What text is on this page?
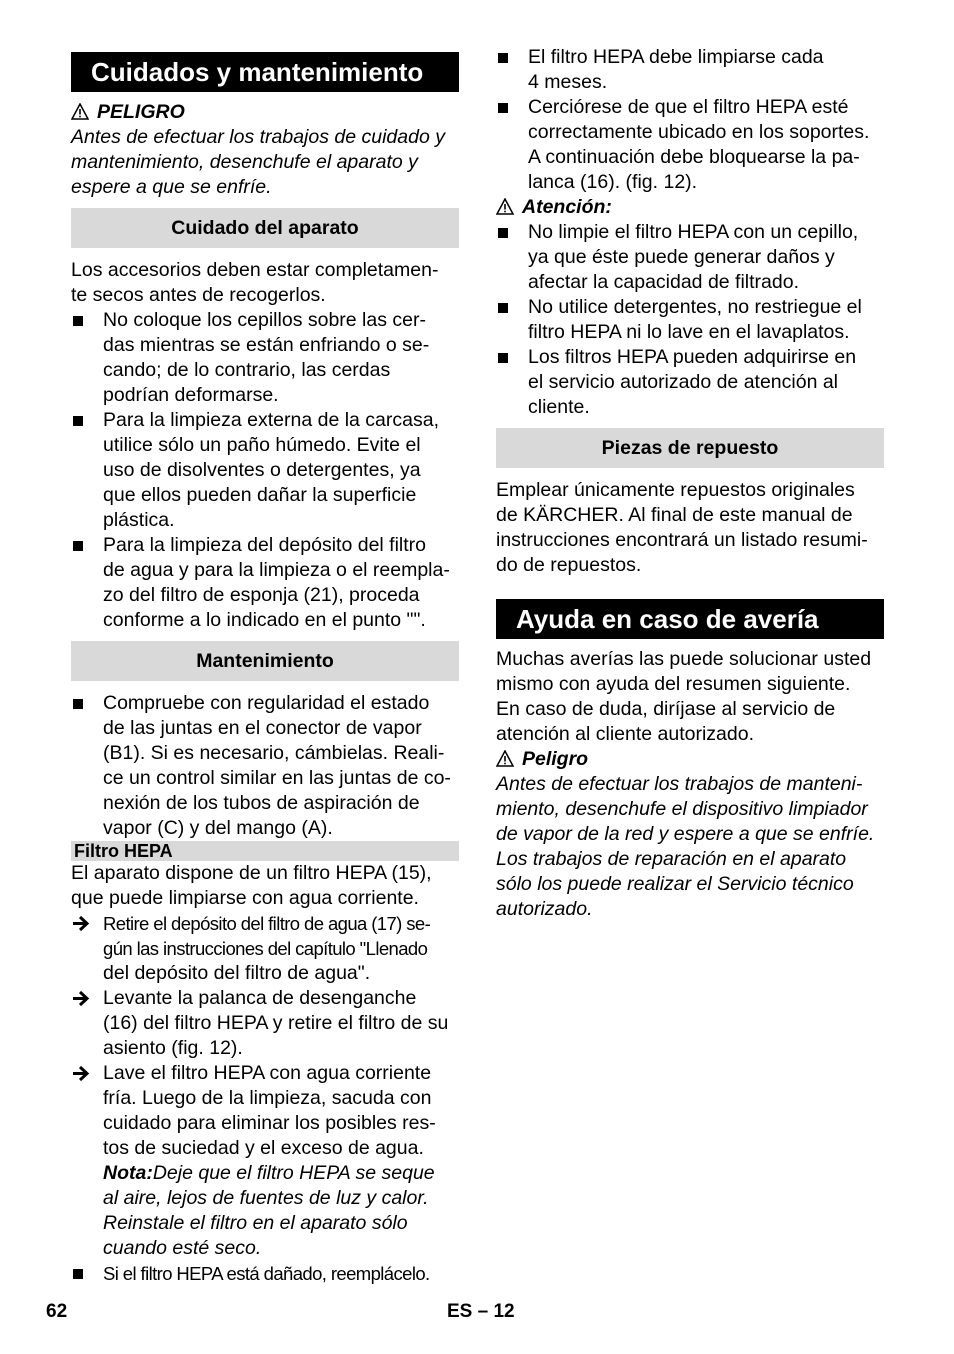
Cuidados y mantenimiento
PELIGRO
Antes de efectuar los trabajos de cuidado y
mantenimiento, desenchufe el aparato y
espere a que se enfríe.
Cuidado del aparato
Los accesorios deben estar completamen-
te secos antes de recogerlos.
No coloque los cepillos sobre las cer-
das mientras se están enfriando o se-
cando; de lo contrario, las cerdas
podrían deformarse.
Para la limpieza externa de la carcasa,
utilice sólo un paño húmedo. Evite el
uso de disolventes o detergentes, ya
que ellos pueden dañar la superficie
plástica.
Para la limpieza del depósito del filtro
de agua y para la limpieza o el reempla-
zo del filtro de esponja (21), proceda
conforme a lo indicado en el punto "".
Mantenimiento
Compruebe con regularidad el estado
de las juntas en el conector de vapor
(B1). Si es necesario, cámbielas. Reali-
ce un control similar en las juntas de co-
nexión de los tubos de aspiración de
vapor (C) y del mango (A).
Filtro HEPA
El aparato dispone de un filtro HEPA (15),
que puede limpiarse con agua corriente.
Retire el depósito del filtro de agua (17) se-
gún las instrucciones del capítulo "Llenado
del depósito del filtro de agua".
Levante la palanca de desenganche
(16) del filtro HEPA y retire el filtro de su
asiento (fig. 12).
Lave el filtro HEPA con agua corriente
fría. Luego de la limpieza, sacuda con
cuidado para eliminar los posibles res-
tos de suciedad y el exceso de agua.
Nota:Deje que el filtro HEPA se seque
al aire, lejos de fuentes de luz y calor.
Reinstale el filtro en el aparato sólo
cuando esté seco.
Si el filtro HEPA está dañado, reemplácelo.
El filtro HEPA debe limpiarse cada
4 meses.
Cerciórese de que el filtro HEPA esté
correctamente ubicado en los soportes.
A continuación debe bloquearse la pa-
lanca (16). (fig. 12).
Atención:
No limpie el filtro HEPA con un cepillo,
ya que éste puede generar daños y
afectar la capacidad de filtrado.
No utilice detergentes, no restriegue el
filtro HEPA ni lo lave en el lavaplatos.
Los filtros HEPA pueden adquirirse en
el servicio autorizado de atención al
cliente.
Piezas de repuesto
Emplear únicamente repuestos originales
de KÄRCHER. Al final de este manual de
instrucciones encontrará un listado resumi-
do de repuestos.
Ayuda en caso de avería
Muchas averías las puede solucionar usted
mismo con ayuda del resumen siguiente.
En caso de duda, diríjase al servicio de
atención al cliente autorizado.
Peligro
Antes de efectuar los trabajos de manteni-
miento, desenchufe el dispositivo limpiador
de vapor de la red y espere a que se enfríe.
Los trabajos de reparación en el aparato
sólo los puede realizar el Servicio técnico
autorizado.
62	ES – 12
